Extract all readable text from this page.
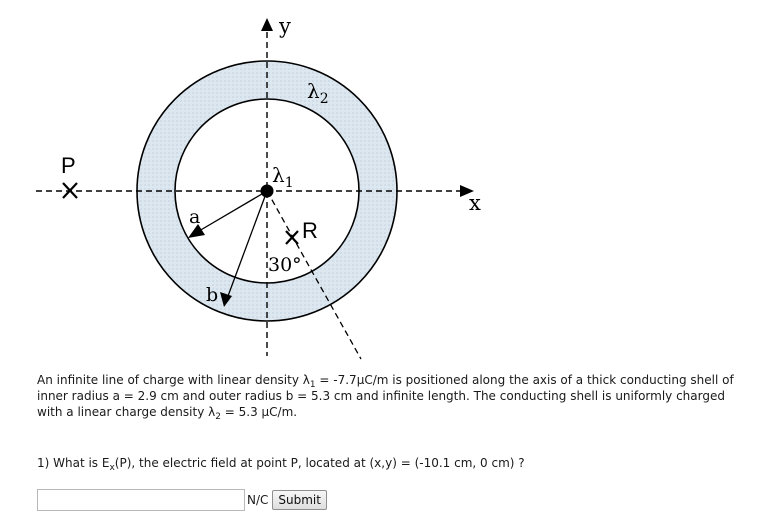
y
x
$\lambda_2$
$\lambda_1$
a
b
P
R
30°

An infinite line of charge with linear density $\lambda_1 = -7.7\mu C/m$ is positioned along the axis of a thick conducting shell of inner radius a = 2.9 cm and outer radius b = 5.3 cm and infinite length. The conducting shell is uniformly charged with a linear charge density $\lambda_2 = 5.3$ μC/m.

1) What is $E_x(P)$, the electric field at point P, located at (x,y) = (-10.1 cm, 0 cm) ?

N/C Submit
